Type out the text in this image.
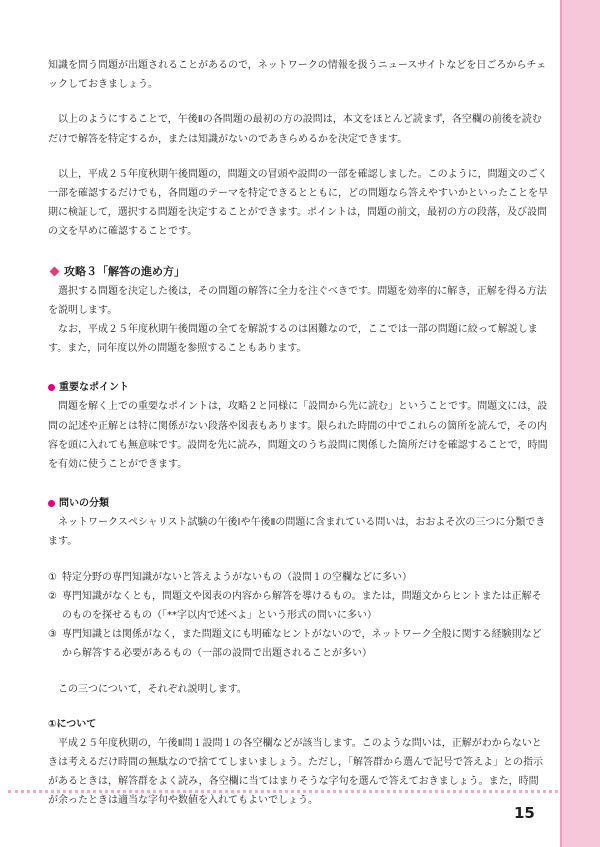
知識を問う問題が出題されることがあるので，ネットワークの情報を扱うニュースサイトなどを日ごろからチェックしておきましょう。

以上のようにすることで，午後Ⅱの各問題の最初の方の設問は，本文をほとんど読まず，各空欄の前後を読むだけで解答を特定するか，または知識がないのであきらめるかを決定できます。

以上，平成２５年度秋期午後問題の，問題文の冒頭や設問の一部を確認しました。このように，問題文のごく一部を確認するだけでも，各問題のテーマを特定できるとともに，どの問題なら答えやすいかといったことを早期に検証して，選択する問題を決定することができます。ポイントは，問題の前文，最初の方の段落，及び設問の文を早めに確認することです。

攻略３「解答の進め方」

選択する問題を決定した後は，その問題の解答に全力を注ぐべきです。問題を効率的に解き，正解を得る方法を説明します。

なお，平成２５年度秋期午後問題の全てを解説するのは困難なので，ここでは一部の問題に絞って解説します。また，同年度以外の問題を参照することもあります。

重要なポイント

問題を解く上での重要なポイントは，攻略２と同様に「設問から先に読む」ということです。問題文には，設問の記述や正解とは特に関係がない段落や図表もあります。限られた時間の中でこれらの箇所を読んで，その内容を頭に入れても無意味です。設問を先に読み，問題文のうち設問に関係した箇所だけを確認することで，時間を有効に使うことができます。

問いの分類

ネットワークスペシャリスト試験の午後Ⅰや午後Ⅱの問題に含まれている問いは，おおよそ次の三つに分類できます。

① 特定分野の専門知識がないと答えようがないもの（設問１の空欄などに多い）
② 専門知識がなくとも，問題文や図表の内容から解答を導けるもの。または，問題文からヒントまたは正解そのものを探せるもの（「**字以内で述べよ」という形式の問いに多い）
③ 専門知識とは関係がなく，また問題文にも明確なヒントがないので，ネットワーク全般に関する経験則などから解答する必要があるもの（一部の設問で出題されることが多い）

この三つについて，それぞれ説明します。

①について

平成２５年度秋期の，午後Ⅱ問１設問１の各空欄などが該当します。このような問いは，正解がわからないときは考えるだけ時間の無駄なので捨ててしまいましょう。ただし，「解答群から選んで記号で答えよ」との指示があるときは，解答群をよく読み，各空欄に当てはまりそうな字句を選んで答えておきましょう。また，時間が余ったときは適当な字句や数値を入れてもよいでしょう。

15
